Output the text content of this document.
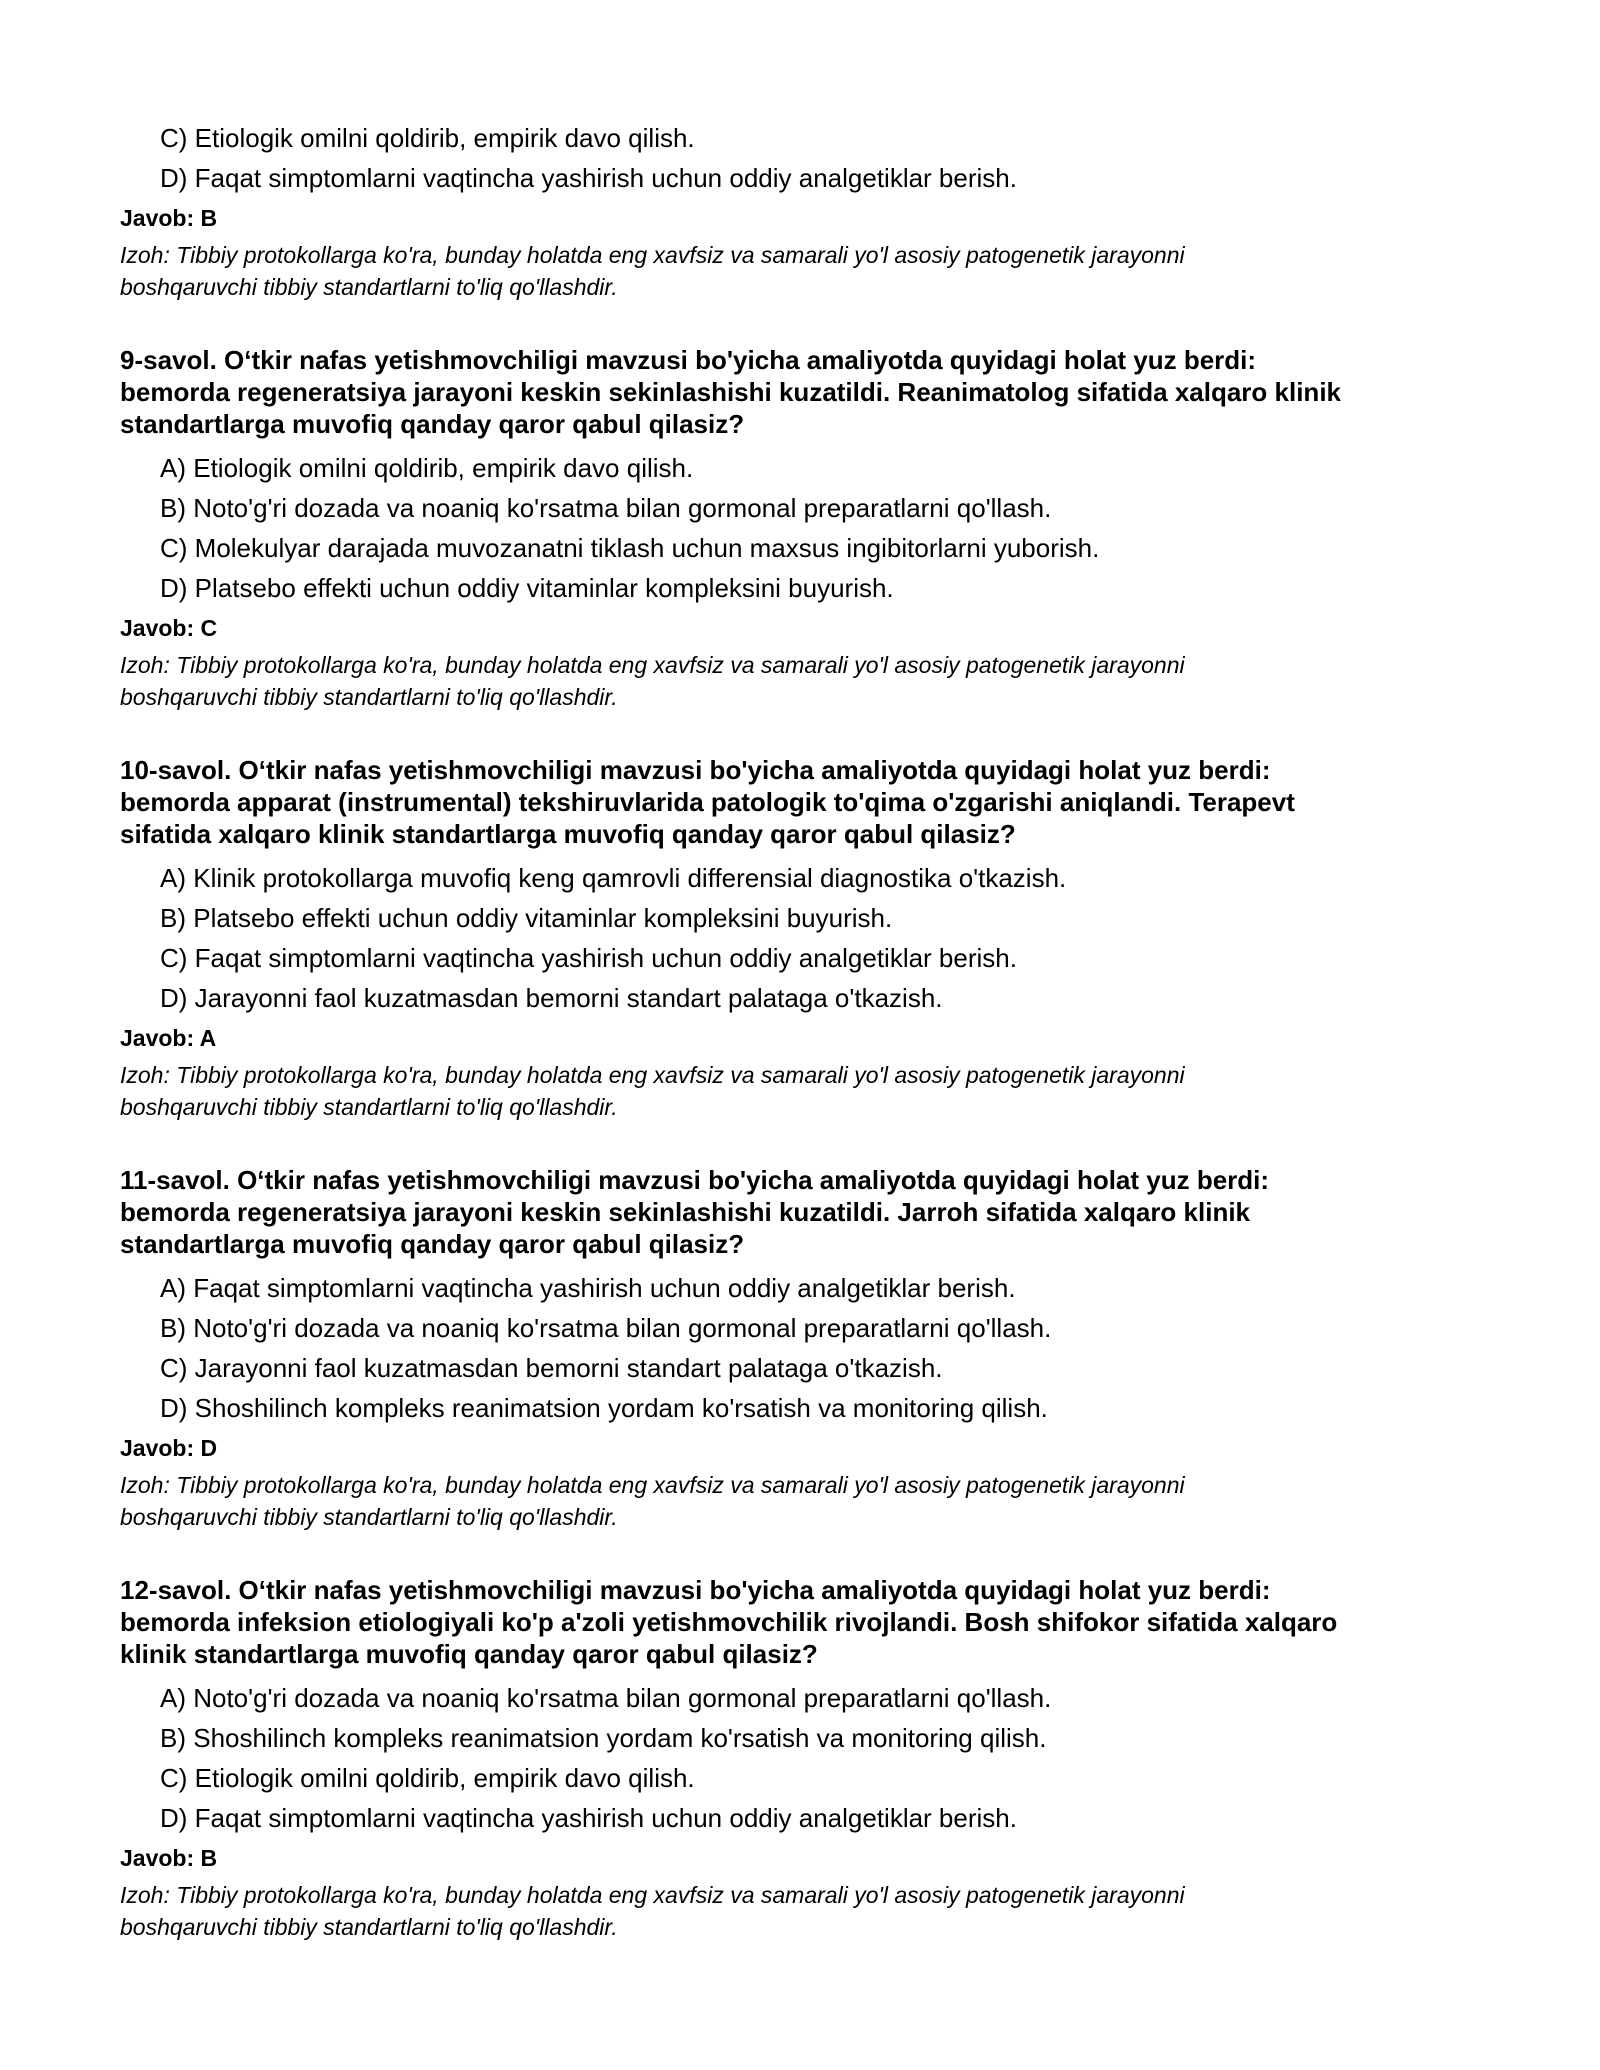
C) Etiologik omilni qoldirib, empirik davo qilish.
D) Faqat simptomlarni vaqtincha yashirish uchun oddiy analgetiklar berish.
Javob: B

Izoh: Tibbiy protokollarga ko'ra, bunday holatda eng xavfsiz va samarali yo'l asosiy patogenetik jarayonni
boshqaruvchi tibbiy standartlarni to'liq qo'llashdir.

9-savol. O‘tkir nafas yetishmovchiligi mavzusi bo'yicha amaliyotda quyidagi holat yuz berdi:
bemorda regeneratsiya jarayoni keskin sekinlashishi kuzatildi. Reanimatolog sifatida xalqaro klinik
standartlarga muvofiq qanday qaror qabul qilasiz?

A) Etiologik omilni qoldirib, empirik davo qilish.
B) Noto'g'ri dozada va noaniq ko'rsatma bilan gormonal preparatlarni qo'llash.
C) Molekulyar darajada muvozanatni tiklash uchun maxsus ingibitorlarni yuborish.
D) Platsebo effekti uchun oddiy vitaminlar kompleksini buyurish.
Javob: C

Izoh: Tibbiy protokollarga ko'ra, bunday holatda eng xavfsiz va samarali yo'l asosiy patogenetik jarayonni
boshqaruvchi tibbiy standartlarni to'liq qo'llashdir.

10-savol. O‘tkir nafas yetishmovchiligi mavzusi bo'yicha amaliyotda quyidagi holat yuz berdi:
bemorda apparat (instrumental) tekshiruvlarida patologik to'qima o'zgarishi aniqlandi. Terapevt
sifatida xalqaro klinik standartlarga muvofiq qanday qaror qabul qilasiz?

A) Klinik protokollarga muvofiq keng qamrovli differensial diagnostika o'tkazish.
B) Platsebo effekti uchun oddiy vitaminlar kompleksini buyurish.
C) Faqat simptomlarni vaqtincha yashirish uchun oddiy analgetiklar berish.
D) Jarayonni faol kuzatmasdan bemorni standart palataga o'tkazish.
Javob: A

Izoh: Tibbiy protokollarga ko'ra, bunday holatda eng xavfsiz va samarali yo'l asosiy patogenetik jarayonni
boshqaruvchi tibbiy standartlarni to'liq qo'llashdir.

11-savol. O‘tkir nafas yetishmovchiligi mavzusi bo'yicha amaliyotda quyidagi holat yuz berdi:
bemorda regeneratsiya jarayoni keskin sekinlashishi kuzatildi. Jarroh sifatida xalqaro klinik
standartlarga muvofiq qanday qaror qabul qilasiz?

A) Faqat simptomlarni vaqtincha yashirish uchun oddiy analgetiklar berish.
B) Noto'g'ri dozada va noaniq ko'rsatma bilan gormonal preparatlarni qo'llash.
C) Jarayonni faol kuzatmasdan bemorni standart palataga o'tkazish.
D) Shoshilinch kompleks reanimatsion yordam ko'rsatish va monitoring qilish.
Javob: D

Izoh: Tibbiy protokollarga ko'ra, bunday holatda eng xavfsiz va samarali yo'l asosiy patogenetik jarayonni
boshqaruvchi tibbiy standartlarni to'liq qo'llashdir.

12-savol. O‘tkir nafas yetishmovchiligi mavzusi bo'yicha amaliyotda quyidagi holat yuz berdi:
bemorda infeksion etiologiyali ko'p a'zoli yetishmovchilik rivojlandi. Bosh shifokor sifatida xalqaro
klinik standartlarga muvofiq qanday qaror qabul qilasiz?

A) Noto'g'ri dozada va noaniq ko'rsatma bilan gormonal preparatlarni qo'llash.
B) Shoshilinch kompleks reanimatsion yordam ko'rsatish va monitoring qilish.
C) Etiologik omilni qoldirib, empirik davo qilish.
D) Faqat simptomlarni vaqtincha yashirish uchun oddiy analgetiklar berish.
Javob: B

Izoh: Tibbiy protokollarga ko'ra, bunday holatda eng xavfsiz va samarali yo'l asosiy patogenetik jarayonni
boshqaruvchi tibbiy standartlarni to'liq qo'llashdir.
